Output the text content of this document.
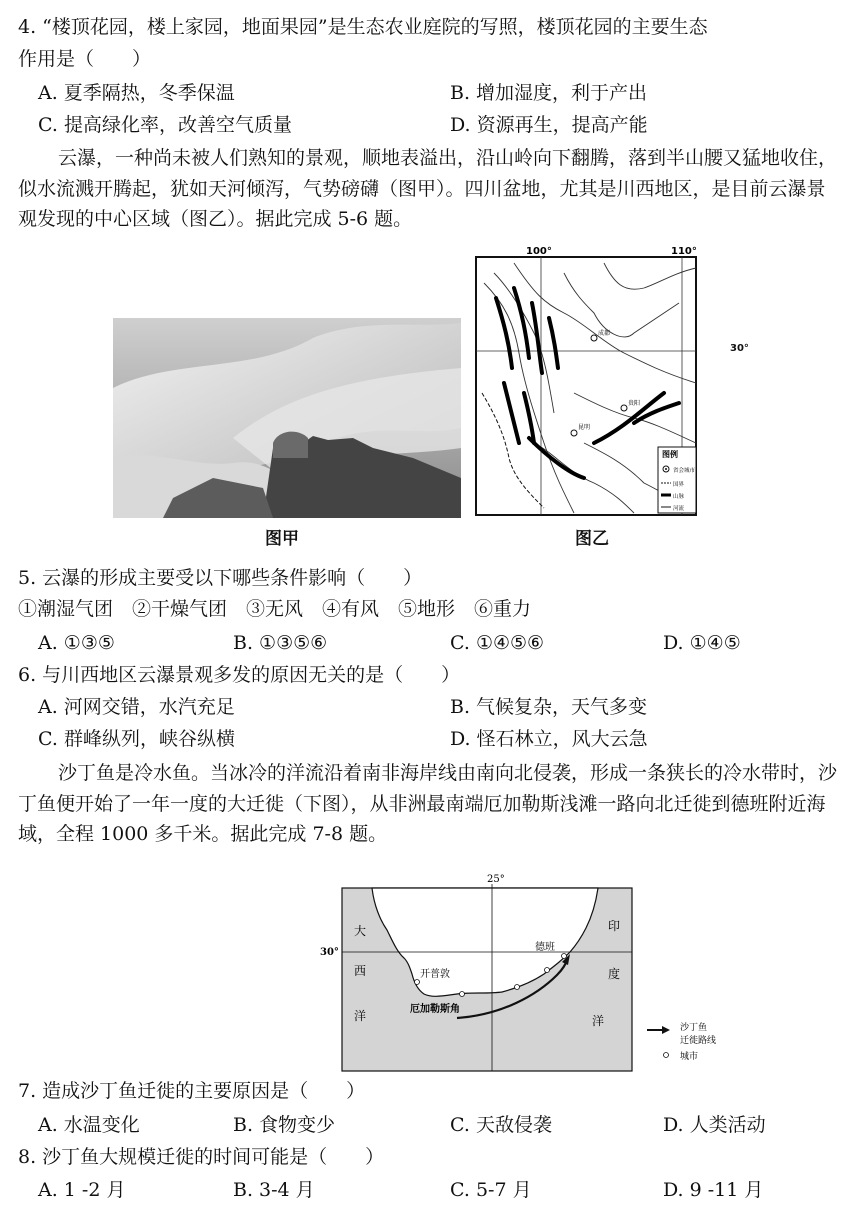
4. “楼顶花园，楼上家园，地面果园”是生态农业庭院的写照，楼顶花园的主要生态
作用是（　　）
A. 夏季隔热，冬季保温	B. 增加湿度，利于产出
C. 提高绿化率，改善空气质量	D. 资源再生，提高产能
云瀑，一种尚未被人们熟知的景观，顺地表溢出，沿山岭向下翻腾，落到半山腰又猛地收住，似水流溅开腾起，犹如天河倾泻，气势磅礴（图甲）。四川盆地，尤其是川西地区，是目前云瀑景观发现的中心区域（图乙）。据此完成 5-6 题。
图甲
100°	110°
成都
昆明
贵阳
图例
省会城市
国界
山脉
河流
30°
图乙
5. 云瀑的形成主要受以下哪些条件影响（　　）
①潮湿气团　②干燥气团　③无风　④有风　⑤地形　⑥重力
A. ①③⑤	B. ①③⑤⑥	C. ①④⑤⑥	D. ①④⑤
6. 与川西地区云瀑景观多发的原因无关的是（　　）
A. 河网交错，水汽充足	B. 气候复杂，天气多变
C. 群峰纵列，峡谷纵横	D. 怪石林立，风大云急
沙丁鱼是冷水鱼。当冰冷的洋流沿着南非海岸线由南向北侵袭，形成一条狭长的冷水带时，沙丁鱼便开始了一年一度的大迁徙（下图），从非洲最南端厄加勒斯浅滩一路向北迁徙到德班附近海域，全程 1000 多千米。据此完成 7-8 题。
25°
30°
大
西
洋
印
度
洋
开普敦
德班
厄加勒斯角
沙丁鱼
迁徙路线
城市
7. 造成沙丁鱼迁徙的主要原因是（　　）
A. 水温变化	B. 食物变少	C. 天敌侵袭	D. 人类活动
8. 沙丁鱼大规模迁徙的时间可能是（　　）
A. 1 -2 月	B. 3-4 月	C. 5-7 月	D. 9 -11 月
